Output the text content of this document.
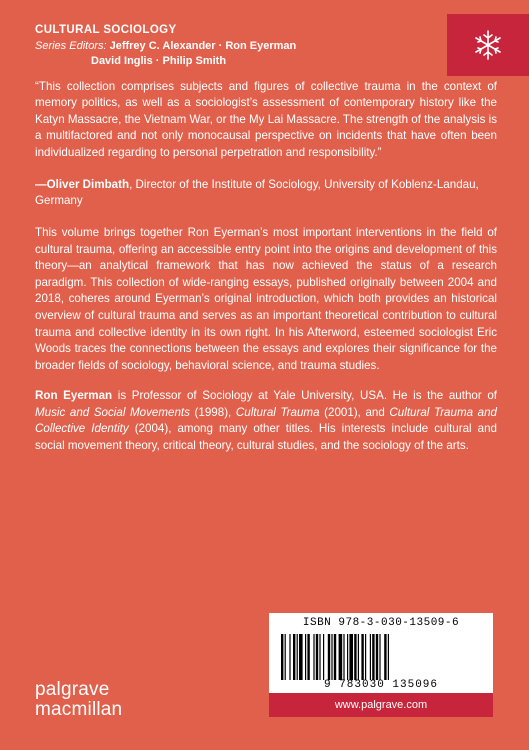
CULTURAL SOCIOLOGY
Series Editors: Jeffrey C. Alexander · Ron Eyerman
David Inglis · Philip Smith

“This collection comprises subjects and figures of collective trauma in the context of memory politics, as well as a sociologist’s assessment of contemporary history like the Katyn Massacre, the Vietnam War, or the My Lai Massacre. The strength of the analysis is a multifactored and not only monocausal perspective on incidents that have often been individualized regarding to personal perpetration and responsibility.”

—Oliver Dimbath, Director of the Institute of Sociology, University of Koblenz-Landau, Germany
This volume brings together Ron Eyerman’s most important interventions in the field of cultural trauma, offering an accessible entry point into the origins and development of this theory—an analytical framework that has now achieved the status of a research paradigm. This collection of wide-ranging essays, published originally between 2004 and 2018, coheres around Eyerman’s original introduction, which both provides an historical overview of cultural trauma and serves as an important theoretical contribution to cultural trauma and collective identity in its own right. In his Afterword, esteemed sociologist Eric Woods traces the connections between the essays and explores their significance for the broader fields of sociology, behavioral science, and trauma studies.
Ron Eyerman is Professor of Sociology at Yale University, USA. He is the author of Music and Social Movements (1998), Cultural Trauma (2001), and Cultural Trauma and Collective Identity (2004), among many other titles. His interests include cultural and social movement theory, critical theory, cultural studies, and the sociology of the arts.
ISBN 978-3-030-13509-6
9 783030 135096
www.palgrave.com
palgrave
macmillan
